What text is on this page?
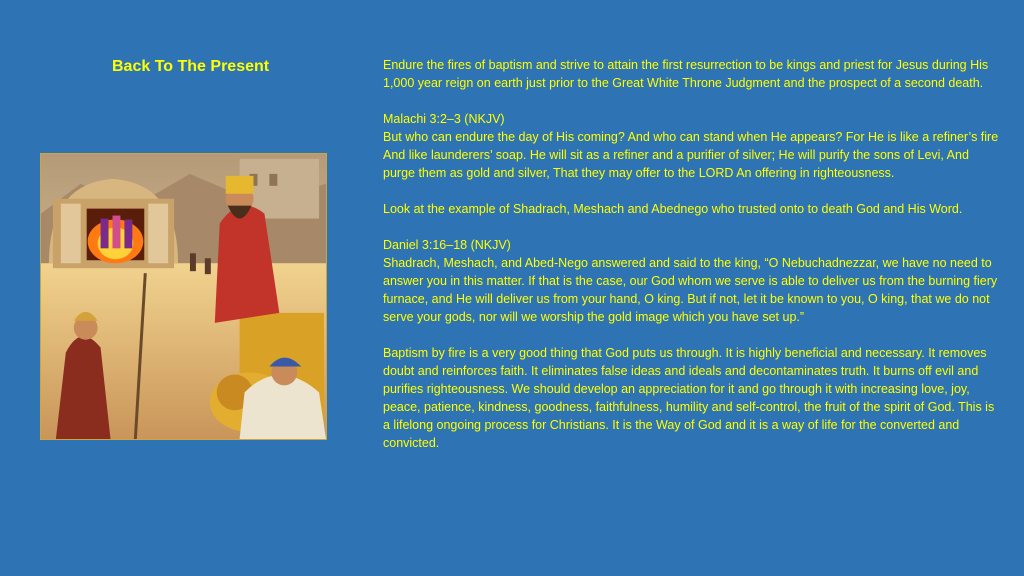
Back To The Present	Endure the fires of baptism and strive to attain the first resurrection to be kings and priest for Jesus during His 1,000 year reign on earth just prior to the Great White Throne Judgment and the prospect of a second death.

Malachi 3:2–3 (NKJV)
But who can endure the day of His coming? And who can stand when He appears? For He is like a refiner’s fire And like launderers’ soap. He will sit as a refiner and a purifier of silver; He will purify the sons of Levi, And purge them as gold and silver, That they may offer to the LORD An offering in righteousness.

Look at the example of Shadrach, Meshach and Abednego who trusted onto to death God and His Word.

Daniel 3:16–18 (NKJV)
Shadrach, Meshach, and Abed-Nego answered and said to the king, “O Nebuchadnezzar, we have no need to answer you in this matter. If that is the case, our God whom we serve is able to deliver us from the burning fiery furnace, and He will deliver us from your hand, O king. But if not, let it be known to you, O king, that we do not serve your gods, nor will we worship the gold image which you have set up.”

Baptism by fire is a very good thing that God puts us through. It is highly beneficial and necessary. It removes doubt and reinforces faith. It eliminates false ideas and ideals and decontaminates truth. It burns off evil and purifies righteousness. We should develop an appreciation for it and go through it with increasing love, joy, peace, patience, kindness, goodness, faithfulness, humility and self-control, the fruit of the spirit of God. This is a lifelong ongoing process for Christians. It is the Way of God and it is a way of life for the converted and convicted.
